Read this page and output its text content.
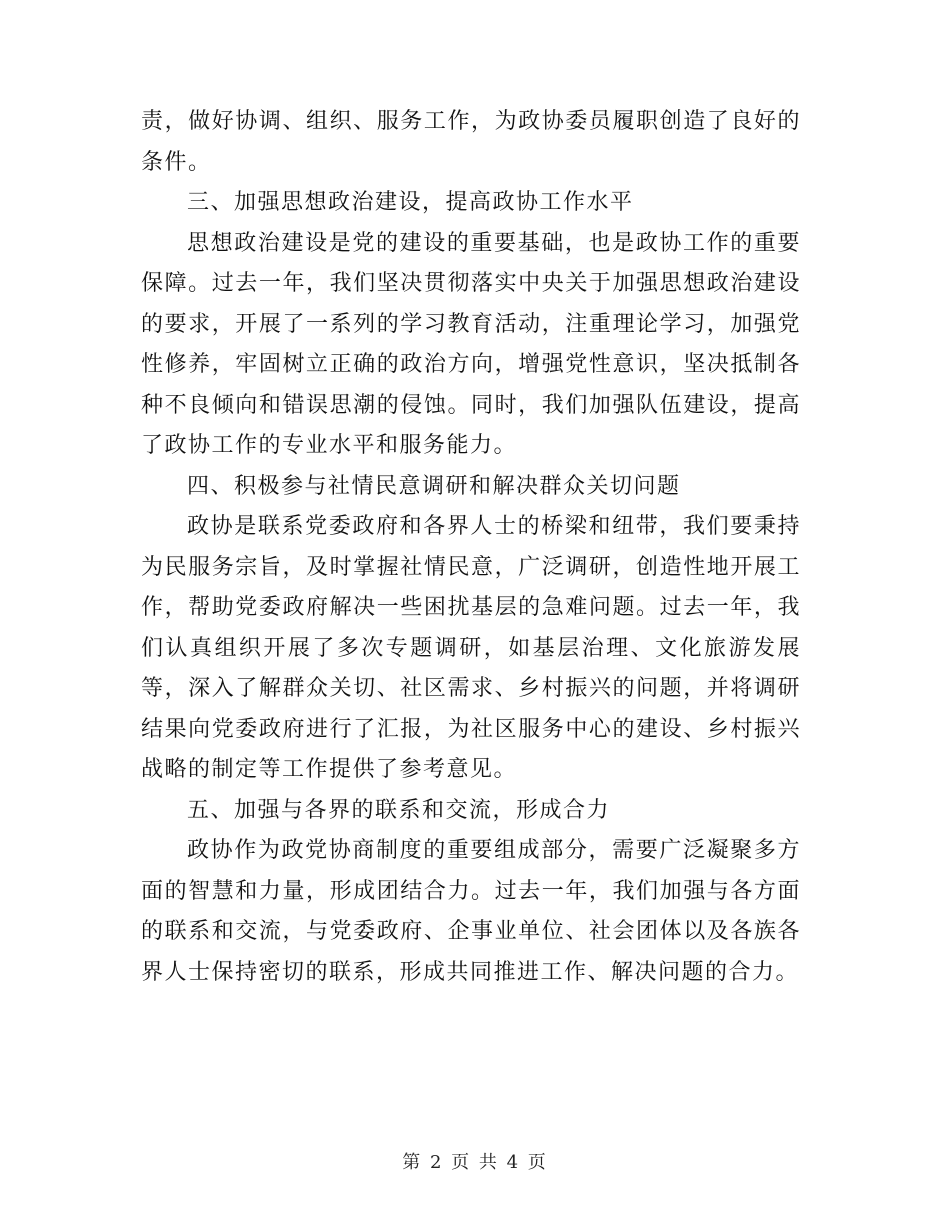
责，做好协调、组织、服务工作，为政协委员履职创造了良好的条件。

三、加强思想政治建设，提高政协工作水平

思想政治建设是党的建设的重要基础，也是政协工作的重要保障。过去一年，我们坚决贯彻落实中央关于加强思想政治建设的要求，开展了一系列的学习教育活动，注重理论学习，加强党性修养，牢固树立正确的政治方向，增强党性意识，坚决抵制各种不良倾向和错误思潮的侵蚀。同时，我们加强队伍建设，提高了政协工作的专业水平和服务能力。

四、积极参与社情民意调研和解决群众关切问题

政协是联系党委政府和各界人士的桥梁和纽带，我们要秉持为民服务宗旨，及时掌握社情民意，广泛调研，创造性地开展工作，帮助党委政府解决一些困扰基层的急难问题。过去一年，我们认真组织开展了多次专题调研，如基层治理、文化旅游发展等，深入了解群众关切、社区需求、乡村振兴的问题，并将调研结果向党委政府进行了汇报，为社区服务中心的建设、乡村振兴战略的制定等工作提供了参考意见。

五、加强与各界的联系和交流，形成合力

政协作为政党协商制度的重要组成部分，需要广泛凝聚多方面的智慧和力量，形成团结合力。过去一年，我们加强与各方面的联系和交流，与党委政府、企事业单位、社会团体以及各族各界人士保持密切的联系，形成共同推进工作、解决问题的合力。

第 2 页 共 4 页
